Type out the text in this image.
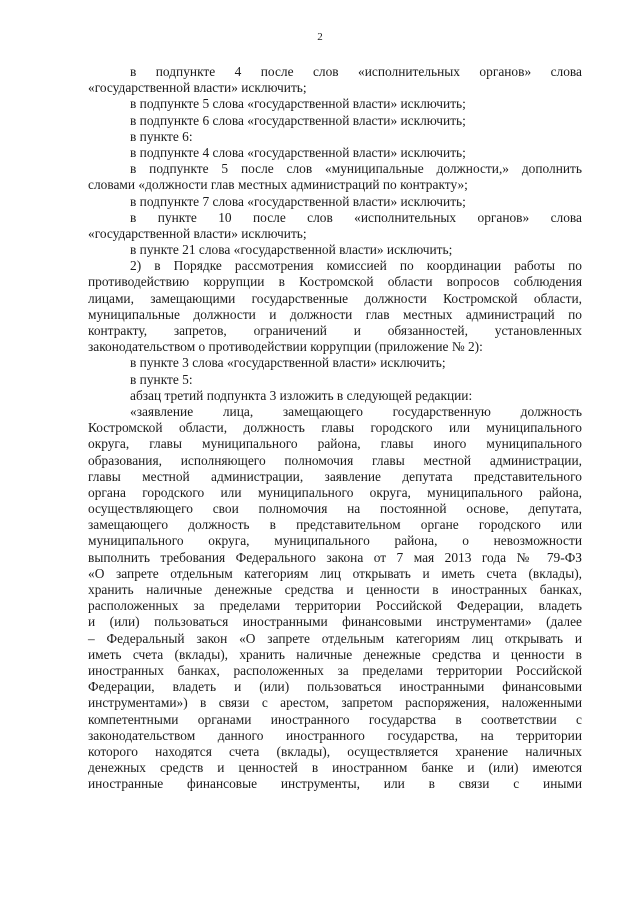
2
в подпункте 4 после слов «исполнительных органов» слова
«государственной власти» исключить;
в подпункте 5 слова «государственной власти» исключить;
в подпункте 6 слова «государственной власти» исключить;
в пункте 6:
в подпункте 4 слова «государственной власти» исключить;
в подпункте 5 после слов «муниципальные должности,» дополнить
словами «должности глав местных администраций по контракту»;
в подпункте 7 слова «государственной власти» исключить;
в пункте 10 после слов «исполнительных органов» слова
«государственной власти» исключить;
в пункте 21 слова «государственной власти» исключить;
2) в Порядке рассмотрения комиссией по координации работы по
противодействию коррупции в Костромской области вопросов соблюдения
лицами, замещающими государственные должности Костромской области,
муниципальные должности и должности глав местных администраций по
контракту, запретов, ограничений и обязанностей, установленных
законодательством о противодействии коррупции (приложение № 2):
в пункте 3 слова «государственной власти» исключить;
в пункте 5:
абзац третий подпункта 3 изложить в следующей редакции:
«заявление лица, замещающего государственную должность
Костромской области, должность главы городского или муниципального
округа, главы муниципального района, главы иного муниципального
образования, исполняющего полномочия главы местной администрации,
главы местной администрации, заявление депутата представительного
органа городского или муниципального округа, муниципального района,
осуществляющего свои полномочия на постоянной основе, депутата,
замещающего должность в представительном органе городского или
муниципального округа, муниципального района, о невозможности
выполнить требования Федерального закона от 7 мая 2013 года № 79-ФЗ
«О запрете отдельным категориям лиц открывать и иметь счета (вклады),
хранить наличные денежные средства и ценности в иностранных банках,
расположенных за пределами территории Российской Федерации, владеть
и (или) пользоваться иностранными финансовыми инструментами» (далее
– Федеральный закон «О запрете отдельным категориям лиц открывать и
иметь счета (вклады), хранить наличные денежные средства и ценности в
иностранных банках, расположенных за пределами территории Российской
Федерации, владеть и (или) пользоваться иностранными финансовыми
инструментами») в связи с арестом, запретом распоряжения, наложенными
компетентными органами иностранного государства в соответствии с
законодательством данного иностранного государства, на территории
которого находятся счета (вклады), осуществляется хранение наличных
денежных средств и ценностей в иностранном банке и (или) имеются
иностранные финансовые инструменты, или в связи с иными
